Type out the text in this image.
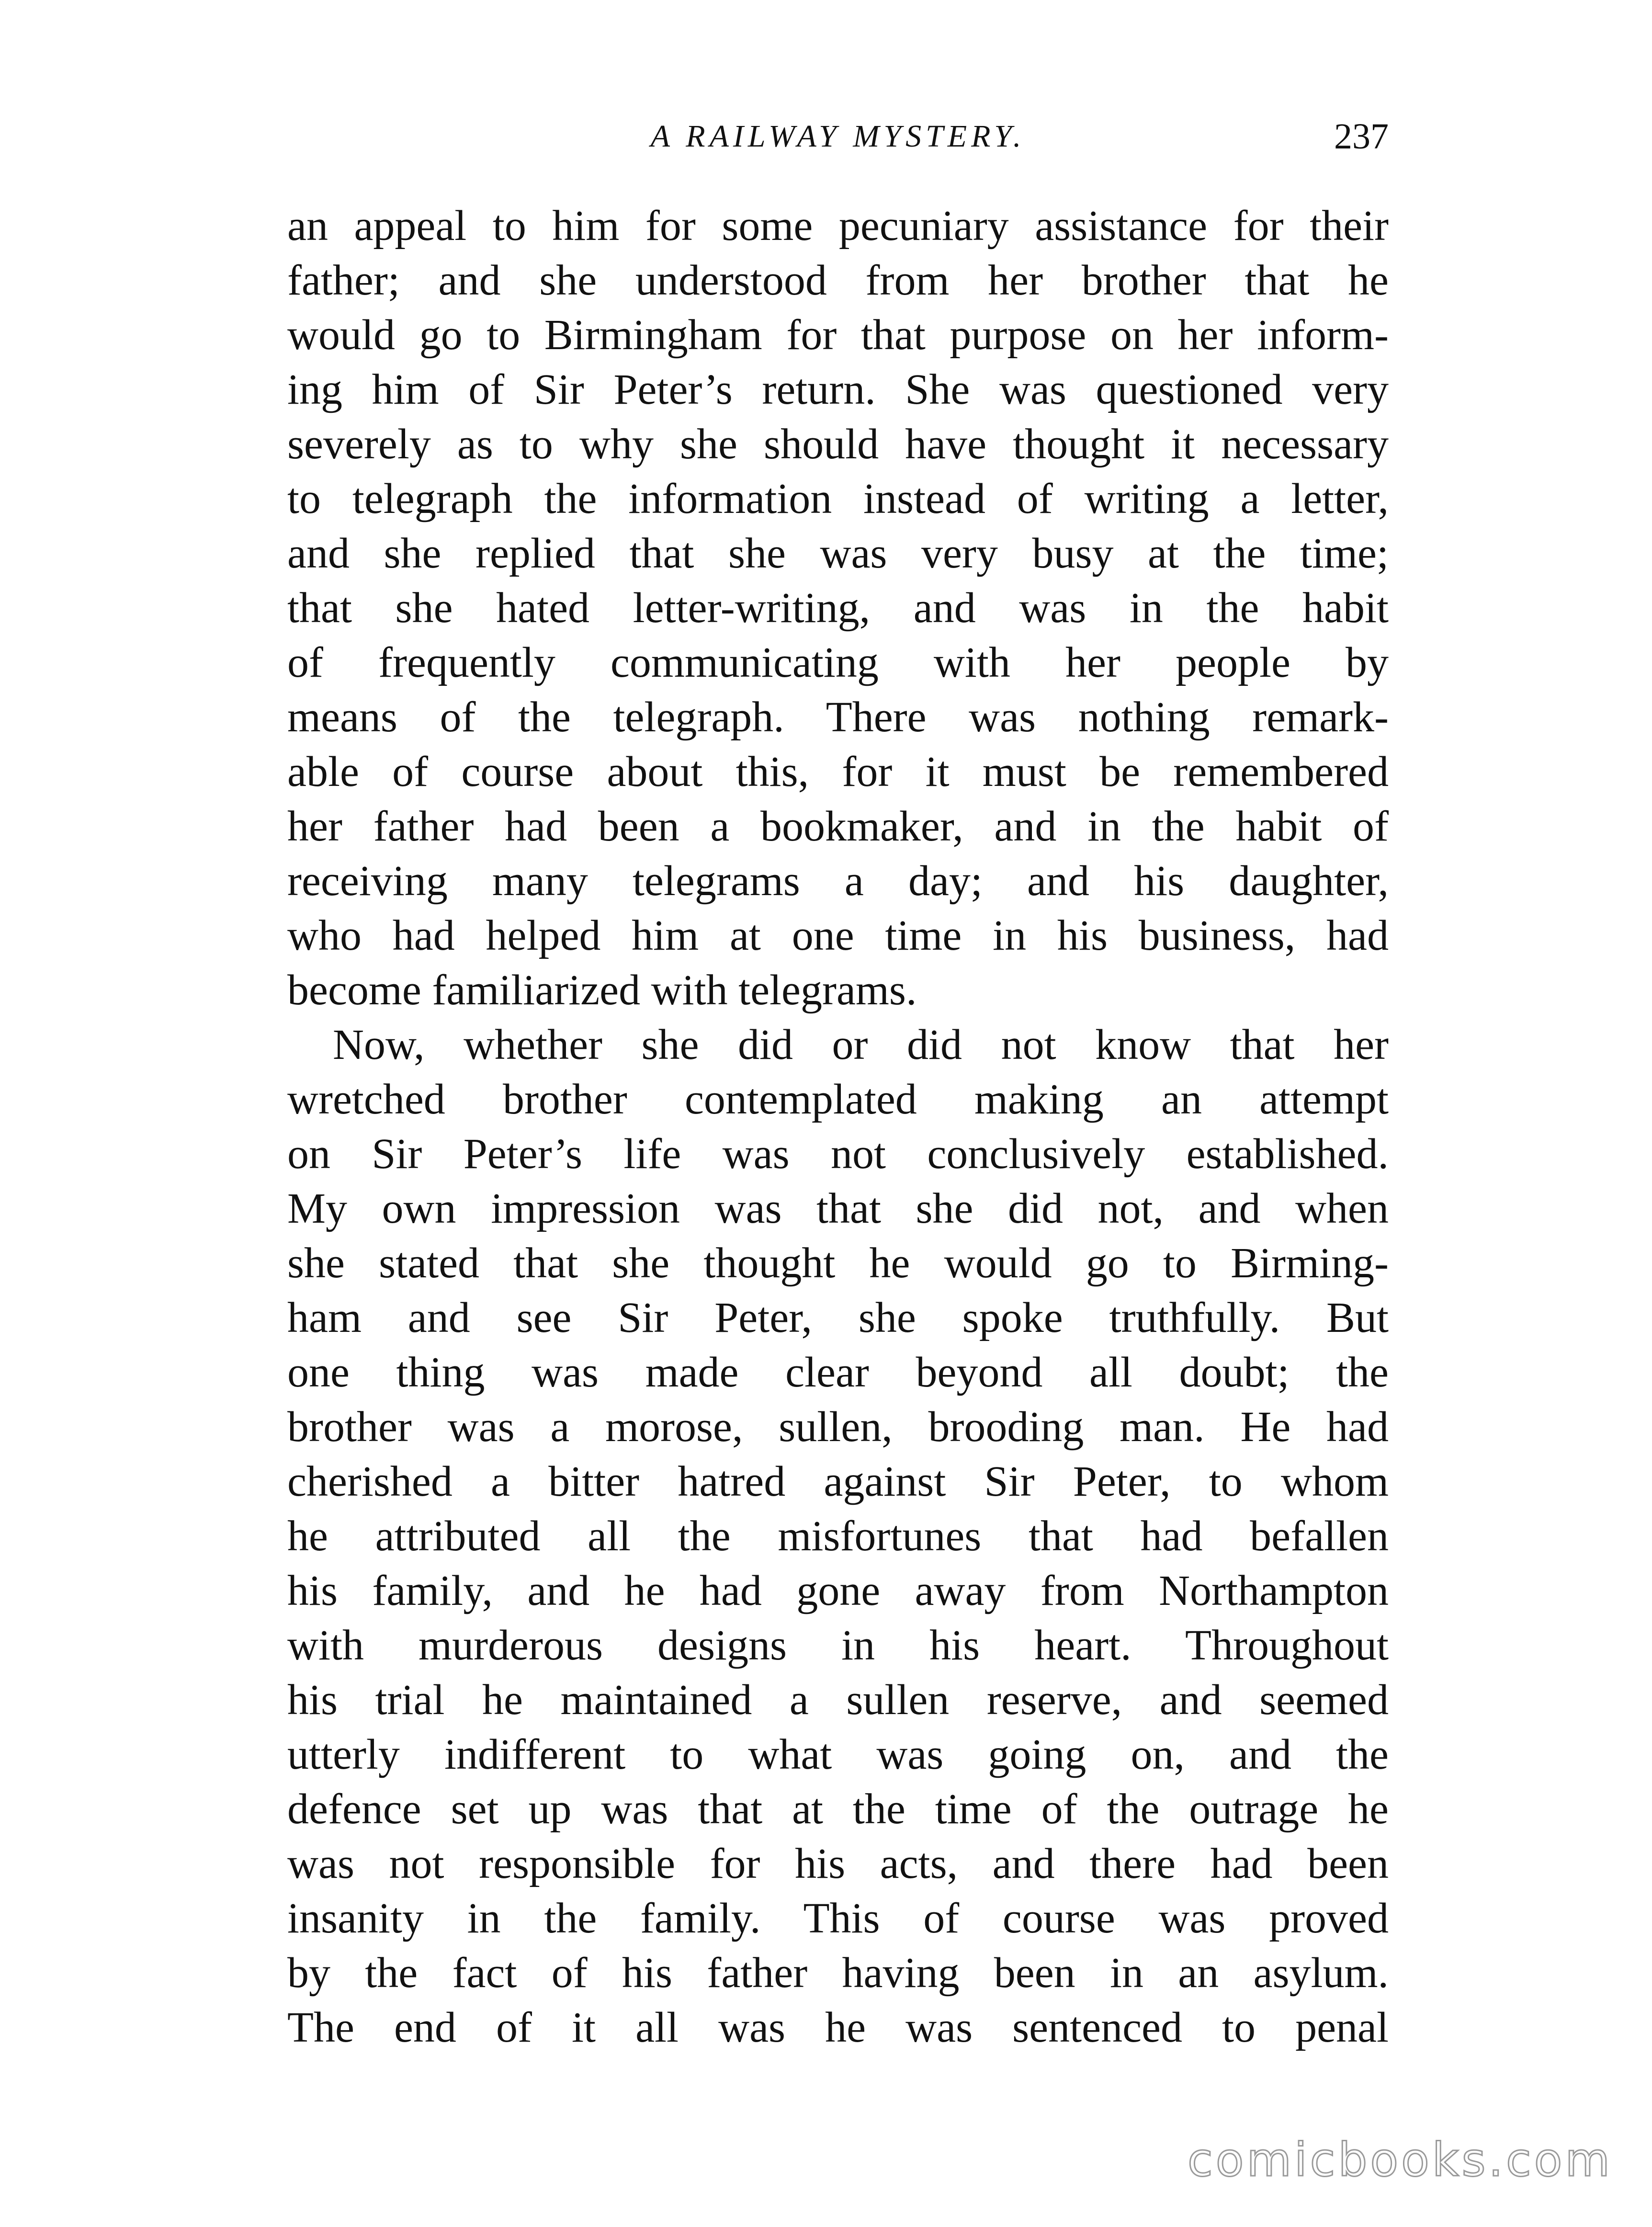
A RAILWAY MYSTERY.	237
an appeal to him for some pecuniary assistance for their
father; and she understood from her brother that he
would go to Birmingham for that purpose on her inform-
ing him of Sir Peter’s return. She was questioned very
severely as to why she should have thought it necessary
to telegraph the information instead of writing a letter,
and she replied that she was very busy at the time;
that she hated letter-writing, and was in the habit
of frequently communicating with her people by
means of the telegraph. There was nothing remark-
able of course about this, for it must be remembered
her father had been a bookmaker, and in the habit of
receiving many telegrams a day; and his daughter,
who had helped him at one time in his business, had
become familiarized with telegrams.
Now, whether she did or did not know that her
wretched brother contemplated making an attempt
on Sir Peter’s life was not conclusively established.
My own impression was that she did not, and when
she stated that she thought he would go to Birming-
ham and see Sir Peter, she spoke truthfully. But
one thing was made clear beyond all doubt; the
brother was a morose, sullen, brooding man. He had
cherished a bitter hatred against Sir Peter, to whom
he attributed all the misfortunes that had befallen
his family, and he had gone away from Northampton
with murderous designs in his heart. Throughout
his trial he maintained a sullen reserve, and seemed
utterly indifferent to what was going on, and the
defence set up was that at the time of the outrage he
was not responsible for his acts, and there had been
insanity in the family. This of course was proved
by the fact of his father having been in an asylum.
The end of it all was he was sentenced to penal
comicbooks.com
